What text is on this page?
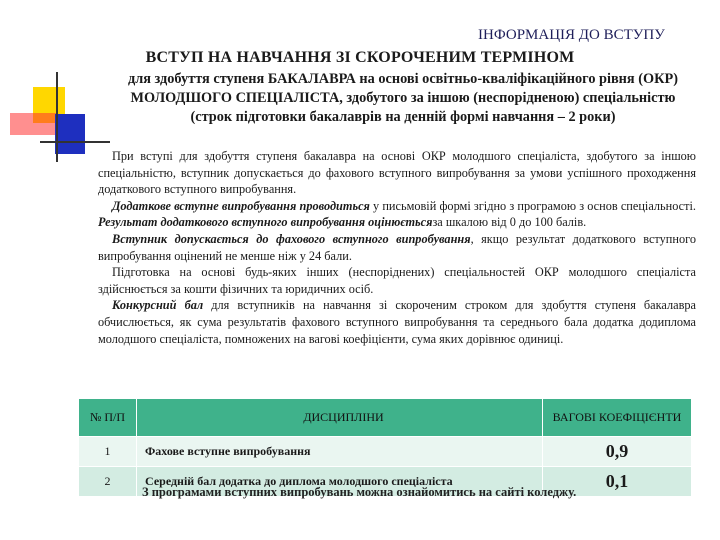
ІНФОРМАЦІЯ ДО ВСТУПУ
ВСТУП НА НАВЧАННЯ ЗІ СКОРОЧЕНИМ ТЕРМІНОМ
для здобуття ступеня БАКАЛАВРА на основі освітньо-кваліфікаційного рівня (ОКР) МОЛОДШОГО СПЕЦІАЛІСТА, здобутого за іншою (неспорідненою) спеціальністю (строк підготовки бакалаврів на денній формі навчання – 2 роки)

При вступі для здобуття ступеня бакалавра на основі ОКР молодшого спеціаліста, здобутого за іншою спеціальністю, вступник допускається до фахового вступного випробування за умови успішного проходження додаткового вступного випробування.

Додаткове вступне випробування проводиться у письмовій формі згідно з програмою з основ спеціальності. Результат додаткового вступного випробування оцінюєтьсяза шкалою від 0 до 100 балів.

Вступник допускається до фахового вступного випробування, якщо результат додаткового вступного випробування оцінений не менше ніж у 24 бали.

Підготовка на основі будь-яких інших (неспоріднених) спеціальностей ОКР молодшого спеціаліста здійснюється за кошти фізичних та юридичних осіб.

Конкурсний бал для вступників на навчання зі скороченим строком для здобуття ступеня бакалавра обчислюється, як сума результатів фахового вступного випробування та середнього бала додатка додиплома молодшого спеціаліста, помножених на вагові коефіцієнти, сума яких дорівнює одиниці.

№ П/П	ДИСЦИПЛІНИ	ВАГОВІ КОЕФІЦІЄНТИ
1	Фахове вступне випробування	0,9
2	Середній бал додатка до диплома молодшого спеціаліста	0,1
З програмами вступних випробувань можна ознайомитись на сайті коледжу.
